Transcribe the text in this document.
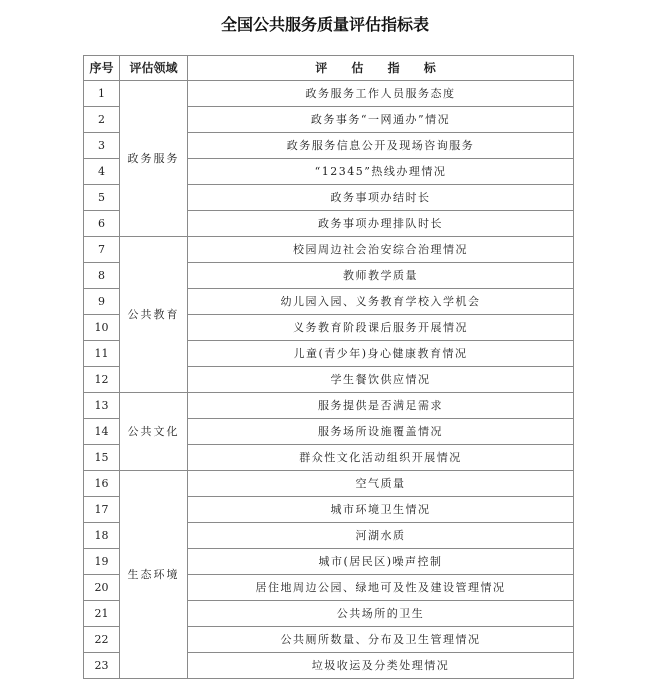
全国公共服务质量评估指标表
序号	评估领域	评 估 指 标
1	政务服务	政务服务工作人员服务态度
2		政务事务“一网通办”情况
3		政务服务信息公开及现场咨询服务
4		“12345”热线办理情况
5		政务事项办结时长
6		政务事项办理排队时长
7	公共教育	校园周边社会治安综合治理情况
8		教师教学质量
9		幼儿园入园、义务教育学校入学机会
10		义务教育阶段课后服务开展情况
11		儿童(青少年)身心健康教育情况
12		学生餐饮供应情况
13	公共文化	服务提供是否满足需求
14		服务场所设施覆盖情况
15		群众性文化活动组织开展情况
16	生态环境	空气质量
17		城市环境卫生情况
18		河湖水质
19		城市(居民区)噪声控制
20		居住地周边公园、绿地可及性及建设管理情况
21		公共场所的卫生
22		公共厕所数量、分布及卫生管理情况
23		垃圾收运及分类处理情况
